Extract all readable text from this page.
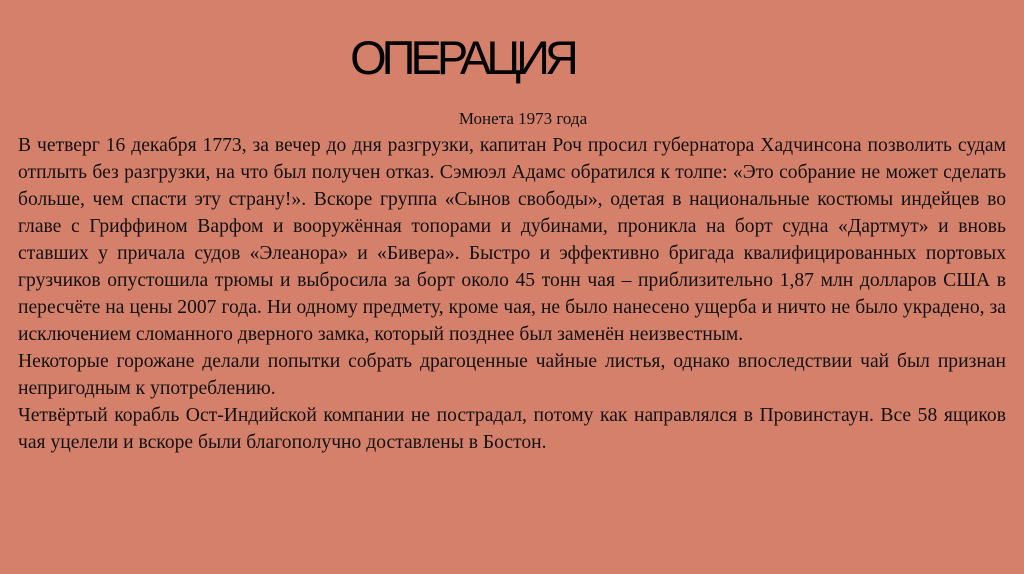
ОПЕРАЦИЯ
Монета 1973 года

В четверг 16 декабря 1773, за вечер до дня разгрузки, капитан Роч просил губернатора Хадчинсона позволить судам отплыть без разгрузки, на что был получен отказ. Сэмюэл Адамс обратился к толпе: «Это собрание не может сделать больше, чем спасти эту страну!». Вскоре группа «Сынов свободы», одетая в национальные костюмы индейцев во главе с Гриффином Варфом и вооружённая топорами и дубинами, проникла на борт судна «Дартмут» и вновь ставших у причала судов «Элеанора» и «Бивера». Быстро и эффективно бригада квалифицированных портовых грузчиков опустошила трюмы и выбросила за борт около 45 тонн чая – приблизительно 1,87 млн долларов США в пересчёте на цены 2007 года. Ни одному предмету, кроме чая, не было нанесено ущерба и ничто не было украдено, за исключением сломанного дверного замка, который позднее был заменён неизвестным.

Некоторые горожане делали попытки собрать драгоценные чайные листья, однако впоследствии чай был признан непригодным к употреблению.

Четвёртый корабль Ост-Индийской компании не пострадал, потому как направлялся в Провинстаун. Все 58 ящиков чая уцелели и вскоре были благополучно доставлены в Бостон.
